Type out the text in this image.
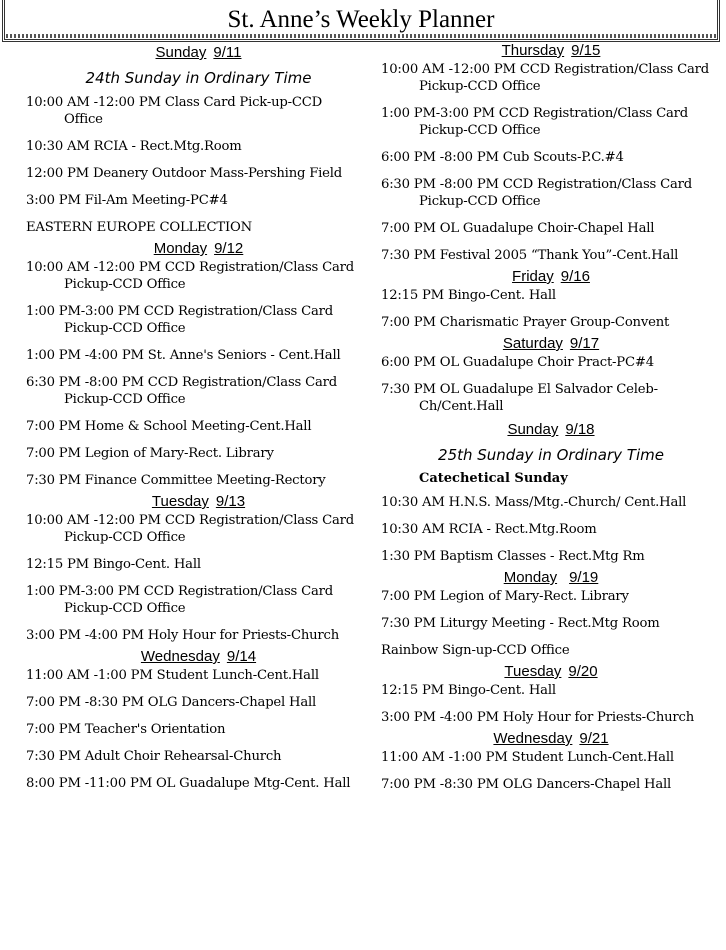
St. Anne’s Weekly Planner
Sunday 9/11
24th Sunday in Ordinary Time
10:00 AM -12:00 PM Class Card Pick-up-CCD          Office
10:30 AM RCIA - Rect.Mtg.Room
12:00 PM Deanery Outdoor Mass-Pershing Field
3:00 PM Fil-Am Meeting-PC#4
EASTERN EUROPE COLLECTION
Monday 9/12
10:00 AM -12:00 PM CCD Registration/Class Card Pickup-CCD Office
1:00 PM-3:00 PM CCD Registration/Class Card Pickup-CCD Office
1:00 PM -4:00 PM St. Anne's Seniors - Cent.Hall
6:30 PM -8:00 PM CCD Registration/Class Card Pickup-CCD Office
7:00 PM Home & School Meeting-Cent.Hall
7:00 PM Legion of Mary-Rect. Library
7:30 PM Finance Committee Meeting-Rectory
Tuesday 9/13
10:00 AM -12:00 PM CCD Registration/Class Card Pickup-CCD Office
12:15 PM Bingo-Cent. Hall
1:00 PM-3:00 PM CCD Registration/Class Card Pickup-CCD Office
3:00 PM -4:00 PM Holy Hour for Priests-Church
Wednesday 9/14
11:00 AM -1:00 PM Student Lunch-Cent.Hall
7:00 PM -8:30 PM OLG Dancers-Chapel Hall
7:00 PM Teacher's Orientation
7:30 PM Adult Choir Rehearsal-Church
8:00 PM -11:00 PM OL Guadalupe Mtg-Cent. Hall
Thursday 9/15
10:00 AM -12:00 PM CCD Registration/Class Card Pickup-CCD Office
1:00 PM-3:00 PM CCD Registration/Class Card Pickup-CCD Office
6:00 PM -8:00 PM Cub Scouts-P.C.#4
6:30 PM -8:00 PM CCD Registration/Class Card Pickup-CCD Office
7:00 PM OL Guadalupe Choir-Chapel Hall
7:30 PM Festival 2005 “Thank You”-Cent.Hall
Friday 9/16
12:15 PM Bingo-Cent. Hall
7:00 PM Charismatic Prayer Group-Convent
Saturday 9/17
6:00 PM OL Guadalupe Choir Pract-PC#4
7:30 PM OL Guadalupe El Salvador Celeb-Ch/Cent.Hall
Sunday 9/18
25th Sunday in Ordinary Time
Catechetical Sunday
10:30 AM H.N.S. Mass/Mtg.-Church/ Cent.Hall
10:30 AM RCIA - Rect.Mtg.Room
1:30 PM Baptism Classes - Rect.Mtg Rm
Monday 9/19
7:00 PM Legion of Mary-Rect. Library
7:30 PM Liturgy Meeting - Rect.Mtg Room
Rainbow Sign-up-CCD Office
Tuesday 9/20
12:15 PM Bingo-Cent. Hall
3:00 PM -4:00 PM Holy Hour for Priests-Church
Wednesday 9/21
11:00 AM -1:00 PM Student Lunch-Cent.Hall
7:00 PM -8:30 PM OLG Dancers-Chapel Hall
